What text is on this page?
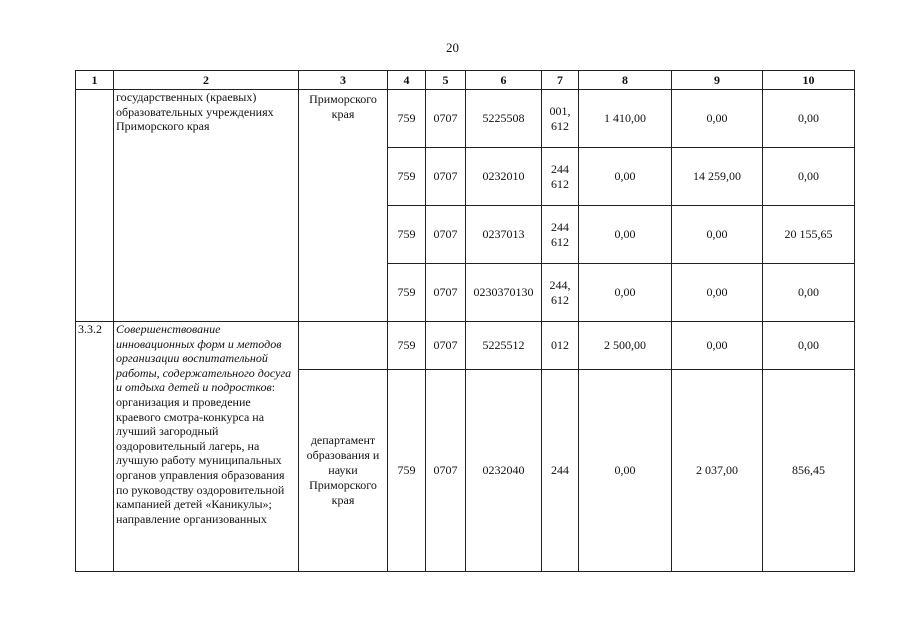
20
1	2	3	4	5	6	7	8	9	10
	государственных (краевых) образовательных учреждениях Приморского края	Приморского края	759	0707	5225508	001, 612	1 410,00	0,00	0,00
			759	0707	0232010	244 612	0,00	14 259,00	0,00
			759	0707	0237013	244 612	0,00	0,00	20 155,65
			759	0707	0230370130	244, 612	0,00	0,00	0,00
3.3.2	Совершенствование инновационных форм и методов организации воспитательной работы, содержательного досуга и отдыха детей и подростков: организация и проведение краевого смотра-конкурса на лучший загородный оздоровительный лагерь, на лучшую работу муниципальных органов управления образования по руководству оздоровительной кампанией детей «Каникулы»; направление организованных		759	0707	5225512	012	2 500,00	0,00	0,00
		департамент образования и науки Приморского края	759	0707	0232040	244	0,00	2 037,00	856,45
